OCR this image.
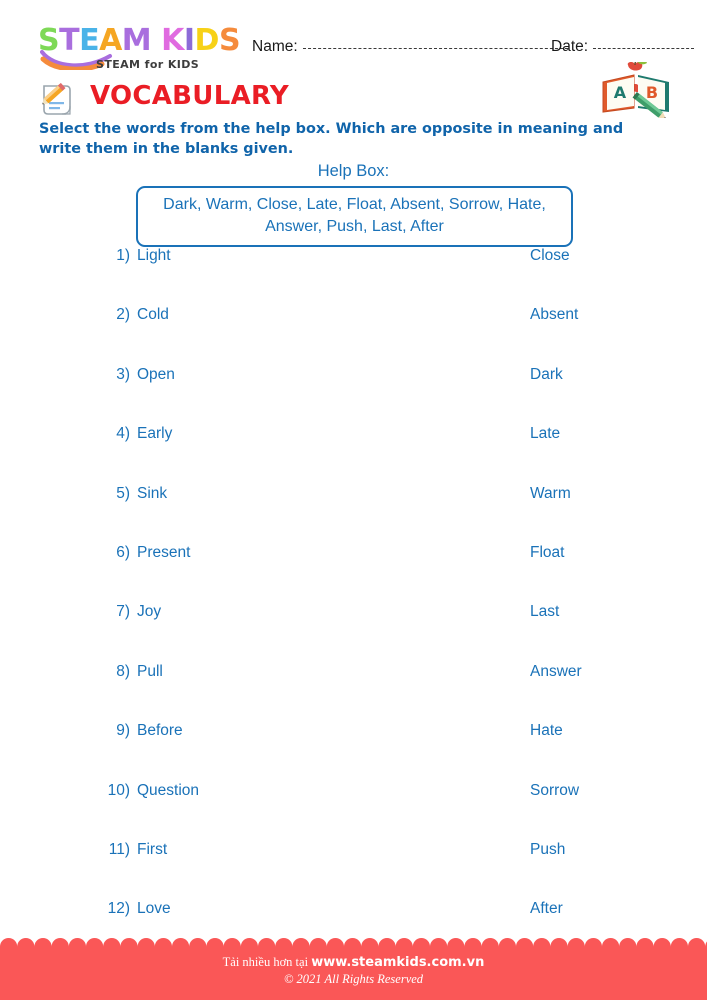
STEAM KIDS
STEAM for KIDS
Name:	Date:
VOCABULARY	A B
Select the words from the help box. Which are opposite in meaning and write them in the blanks given.
Help Box:
Dark, Warm, Close, Late, Float, Absent, Sorrow, Hate, Answer, Push, Last, After
1) Light	Close
2) Cold	Absent
3) Open	Dark
4) Early	Late
5) Sink	Warm
6) Present	Float
7) Joy	Last
8) Pull	Answer
9) Before	Hate
10) Question	Sorrow
11) First	Push
12) Love	After
Tải nhiều hơn tại www.steamkids.com.vn
© 2021 All Rights Reserved
